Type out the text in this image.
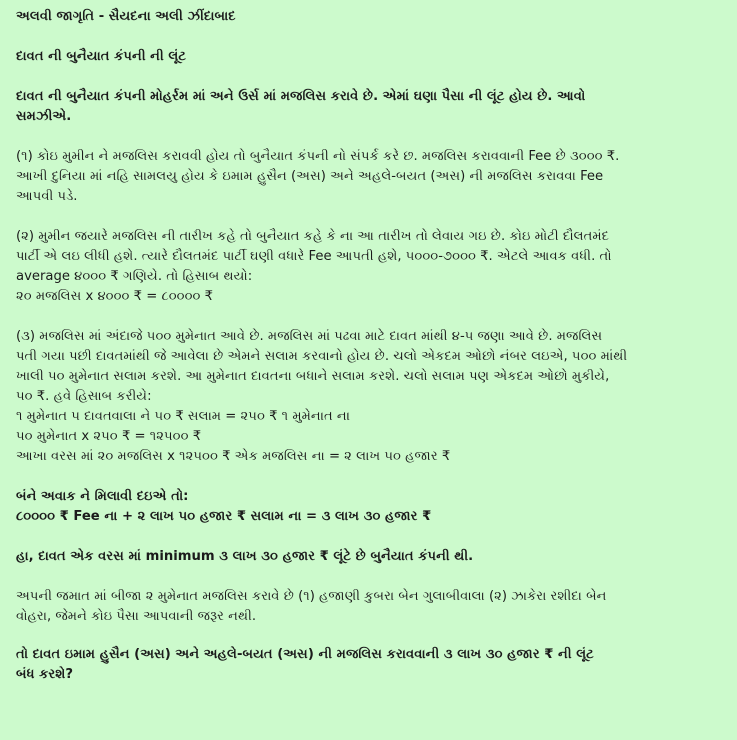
અલવી જાગૃતિ - સૈયદના અલી ઝીંદાબાદ

દાવત ની બુનૈયાત કંપની ની લૂંટ

દાવત ની બુનૈયાત કંપની મોહર્રમ માં અને ઉર્સ માં મજલિસ કરાવે છે. એમાં ઘણા પૈસા ની લૂંટ હોય છે. આવો

સમઝીએ.

(૧) કોઇ મુમીન ને મજલિસ કરાવવી હોય તો બુનૈયાત કંપની નો સંપર્ક કરે છ. મજલિસ કરાવવાની Fee છે ૩૦૦૦ ₹.

આખી દુનિયા માં નહિ સામલયુ હોય કે ઇમામ હુસૈન (અસ) અને અહલે-બયત (અસ) ની મજલિસ કરાવવા Fee

આપવી પડે.

(૨) મુમીન જયારે મજલિસ ની તારીખ કહે તો બુનૈયાત કહે કે ના આ તારીખ તો લેવાય ગઇ છે. કોઇ મોટી દૌલતમંદ

પાર્ટી એ લઇ લીધી હશે. ત્યારે દૌલતમંદ પાર્ટી ઘણી વધારે Fee આપતી હશે, ૫૦૦૦-૭૦૦૦ ₹. એટલે આવક વધી. તો

average ૪૦૦૦ ₹ ગણિયે. તો હિસાબ થયો:

૨૦ મજલિસ x ૪૦૦૦ ₹ = ૮૦૦૦૦ ₹

(૩) મજલિસ માં અંદાજે ૫૦૦ મુમેનાત આવે છે. મજલિસ માં પઢવા માટે દાવત માંથી ૪-૫ જણા આવે છે. મજલિસ

પતી ગયા પછી દાવતમાંથી જે આવેલા છે એમને સલામ કરવાનો હોય છે. ચલો એકદમ ઓછો નંબર લઇએ, ૫૦૦ માંથી

ખાલી ૫૦ મુમેનાત સલામ કરશે. આ મુમેનાત દાવતના બધાને સલામ કરશે. ચલો સલામ પણ એકદમ ઓછો મુકીયે,

૫૦ ₹. હવે હિસાબ કરીયે:

૧ મુમેનાત ૫ દાવતવાલા ને ૫૦ ₹ સલામ = ૨૫૦ ₹ ૧ મુમેનાત ના

૫૦ મુમેનાત x ૨૫૦ ₹ = ૧૨૫૦૦ ₹

આખા વરસ માં ૨૦ મજલિસ x ૧૨૫૦૦ ₹ એક મજલિસ ના = ૨ લાખ ૫૦ હજાર ₹

બંને અવાક ને મિલાવી દઇએ તો:

૮૦૦૦૦ ₹ Fee ના + ૨ લાખ ૫૦ હજાર ₹ સલામ ના = ૩ લાખ ૩૦ હજાર ₹

હા, દાવત એક વરસ માં minimum ૩ લાખ ૩૦ હજાર ₹ લૂંટે છે બુનૈયાત કંપની થી.

અપની જમાત માં બીજા ૨ મુમેનાત મજલિસ કરાવે છે (૧) હજાણી કુબરા બેન ગુલાબીવાલા (૨) ઝાકેરા રશીદા બેન

વોહરા, જેમને કોઇ પૈસા આપવાની જરૂર નથી.

તો દાવત ઇમામ હુસૈન (અસ) અને અહલે-બયત (અસ) ની મજલિસ કરાવવાની ૩ લાખ ૩૦ હજાર ₹ ની લૂંટ

બંધ કરશે?
